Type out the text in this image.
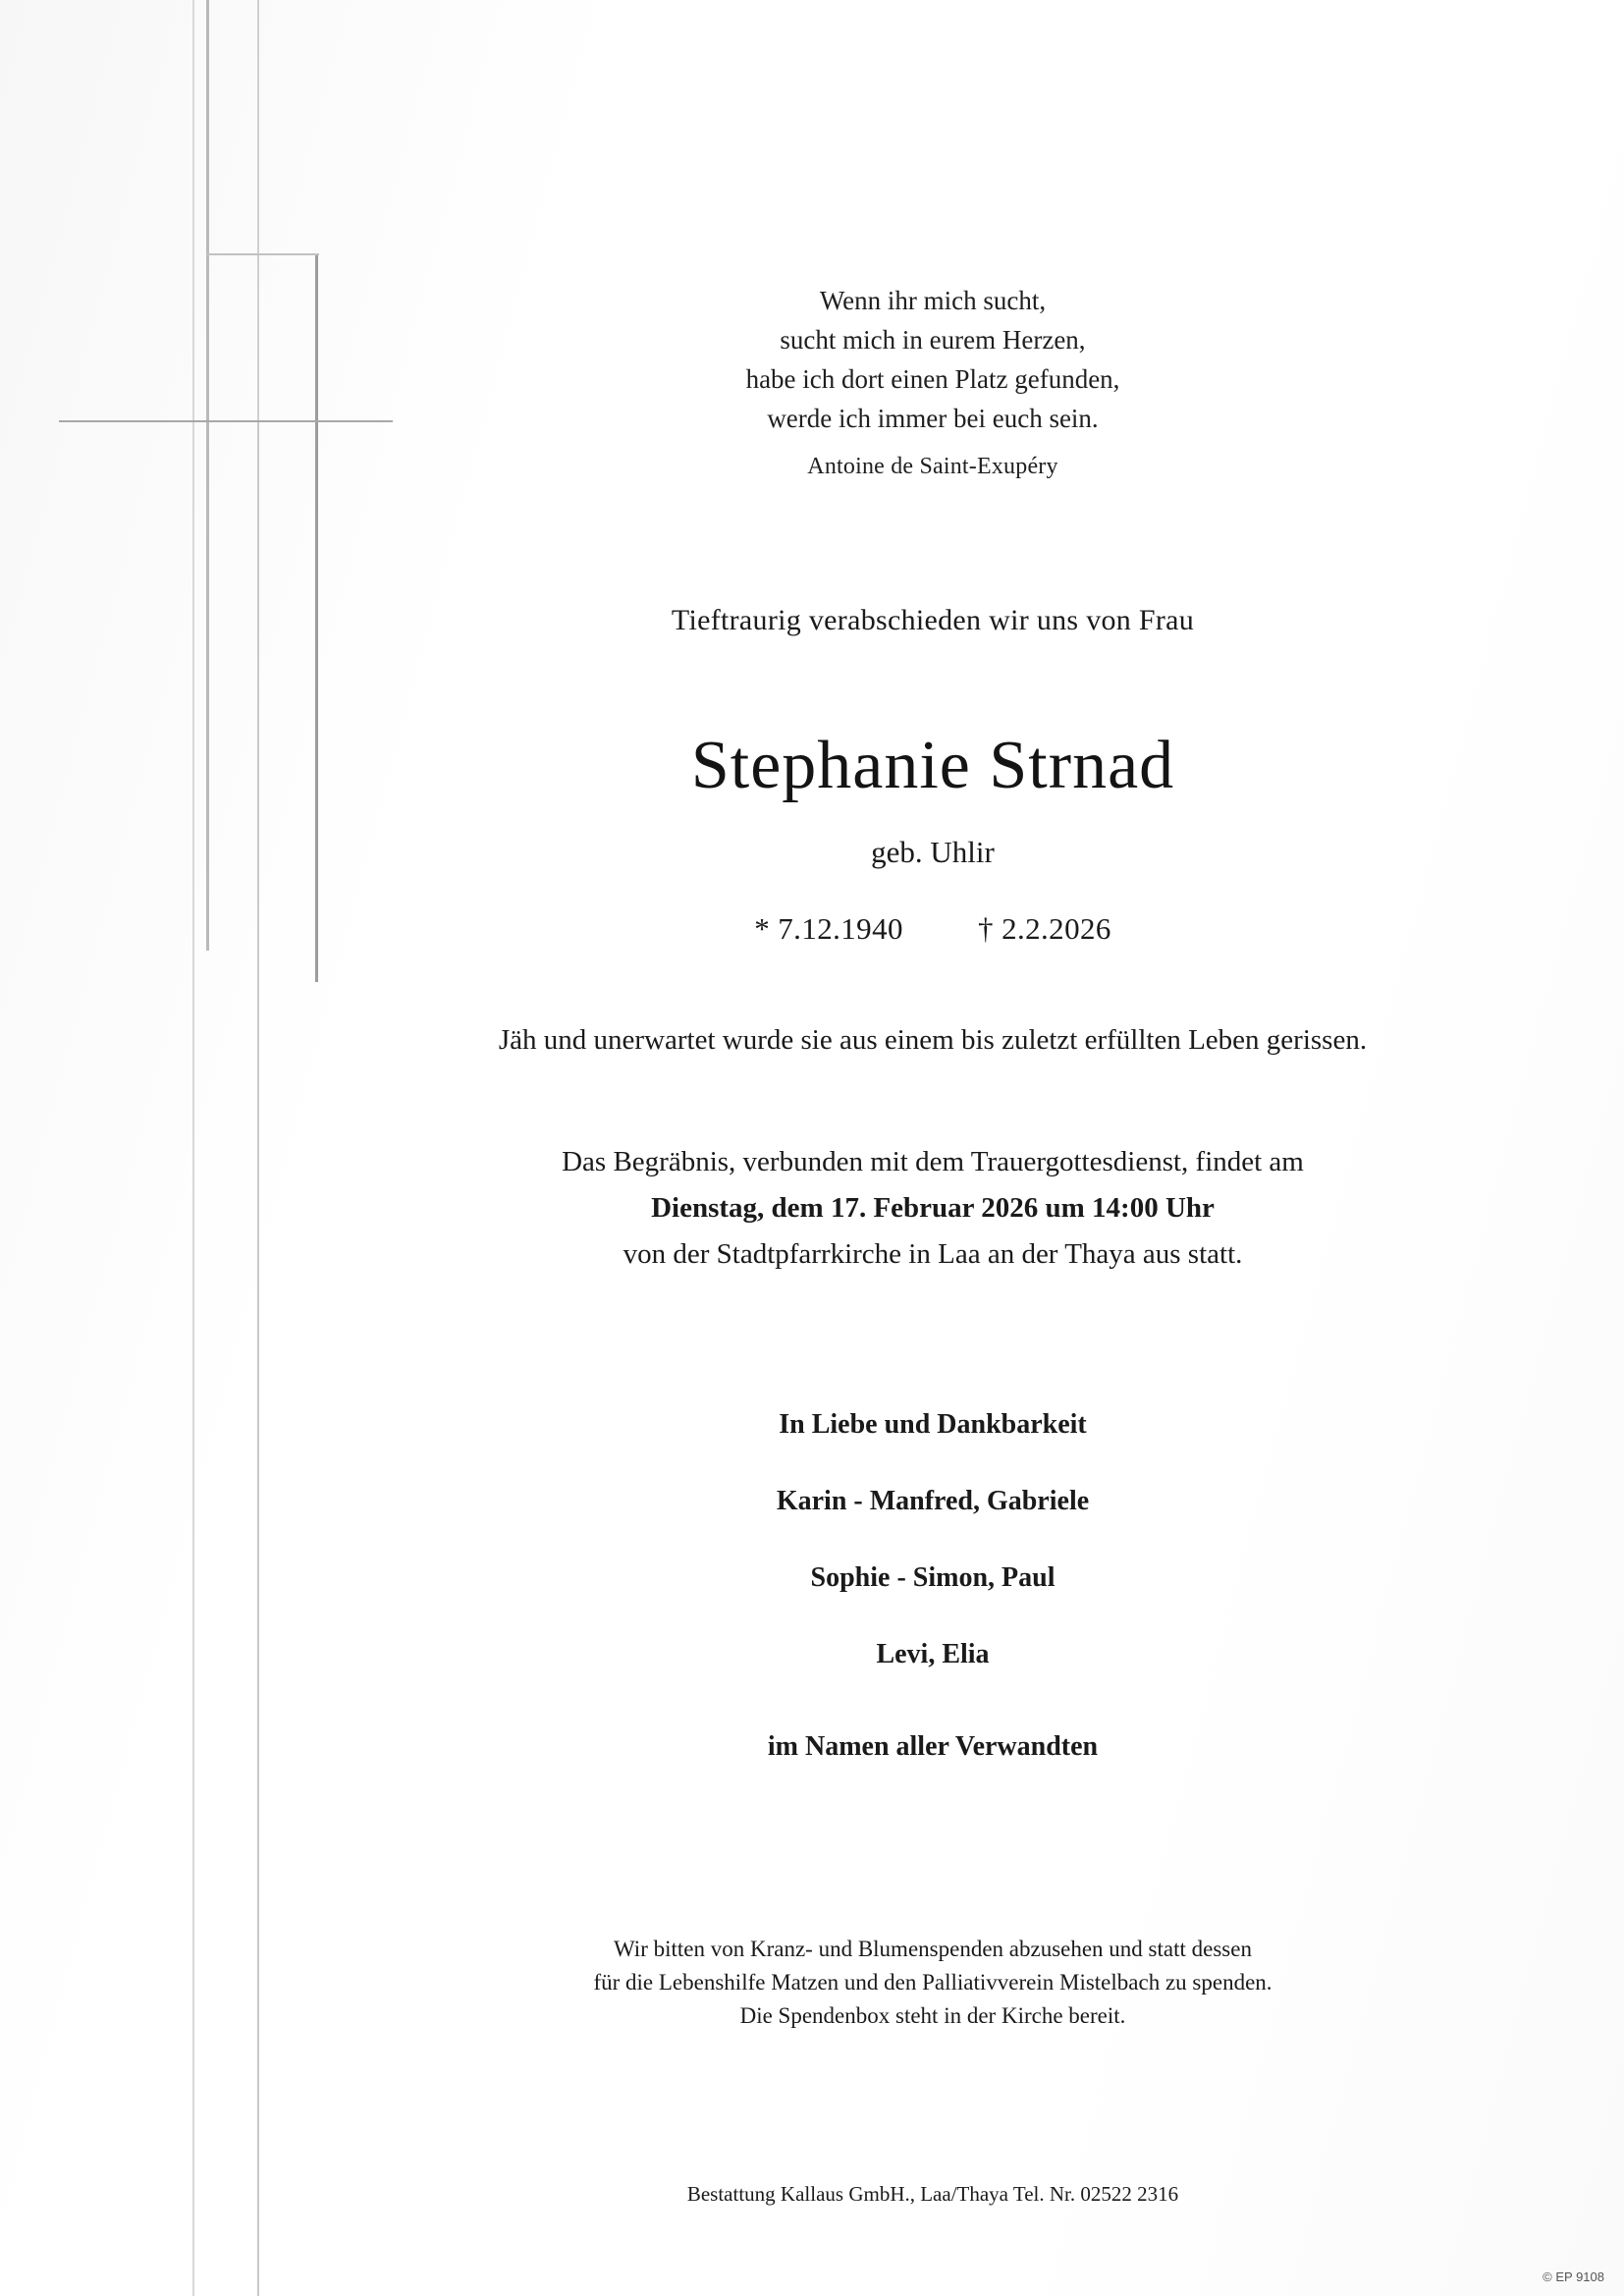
Wenn ihr mich sucht,
sucht mich in eurem Herzen,
habe ich dort einen Platz gefunden,
werde ich immer bei euch sein.
Antoine de Saint-Exupéry
Tieftraurig verabschieden wir uns von Frau
Stephanie Strnad
geb. Uhlir
* 7.12.1940 † 2.2.2026
Jäh und unerwartet wurde sie aus einem bis zuletzt erfüllten Leben gerissen.
Das Begräbnis, verbunden mit dem Trauergottesdienst, findet am
Dienstag, dem 17. Februar 2026 um 14:00 Uhr
von der Stadtpfarrkirche in Laa an der Thaya aus statt.
In Liebe und Dankbarkeit
Karin - Manfred, Gabriele
Sophie - Simon, Paul
Levi, Elia
im Namen aller Verwandten
Wir bitten von Kranz- und Blumenspenden abzusehen und statt dessen
für die Lebenshilfe Matzen und den Palliativverein Mistelbach zu spenden.
Die Spendenbox steht in der Kirche bereit.
Bestattung Kallaus GmbH., Laa/Thaya Tel. Nr. 02522 2316
© EP 9108
